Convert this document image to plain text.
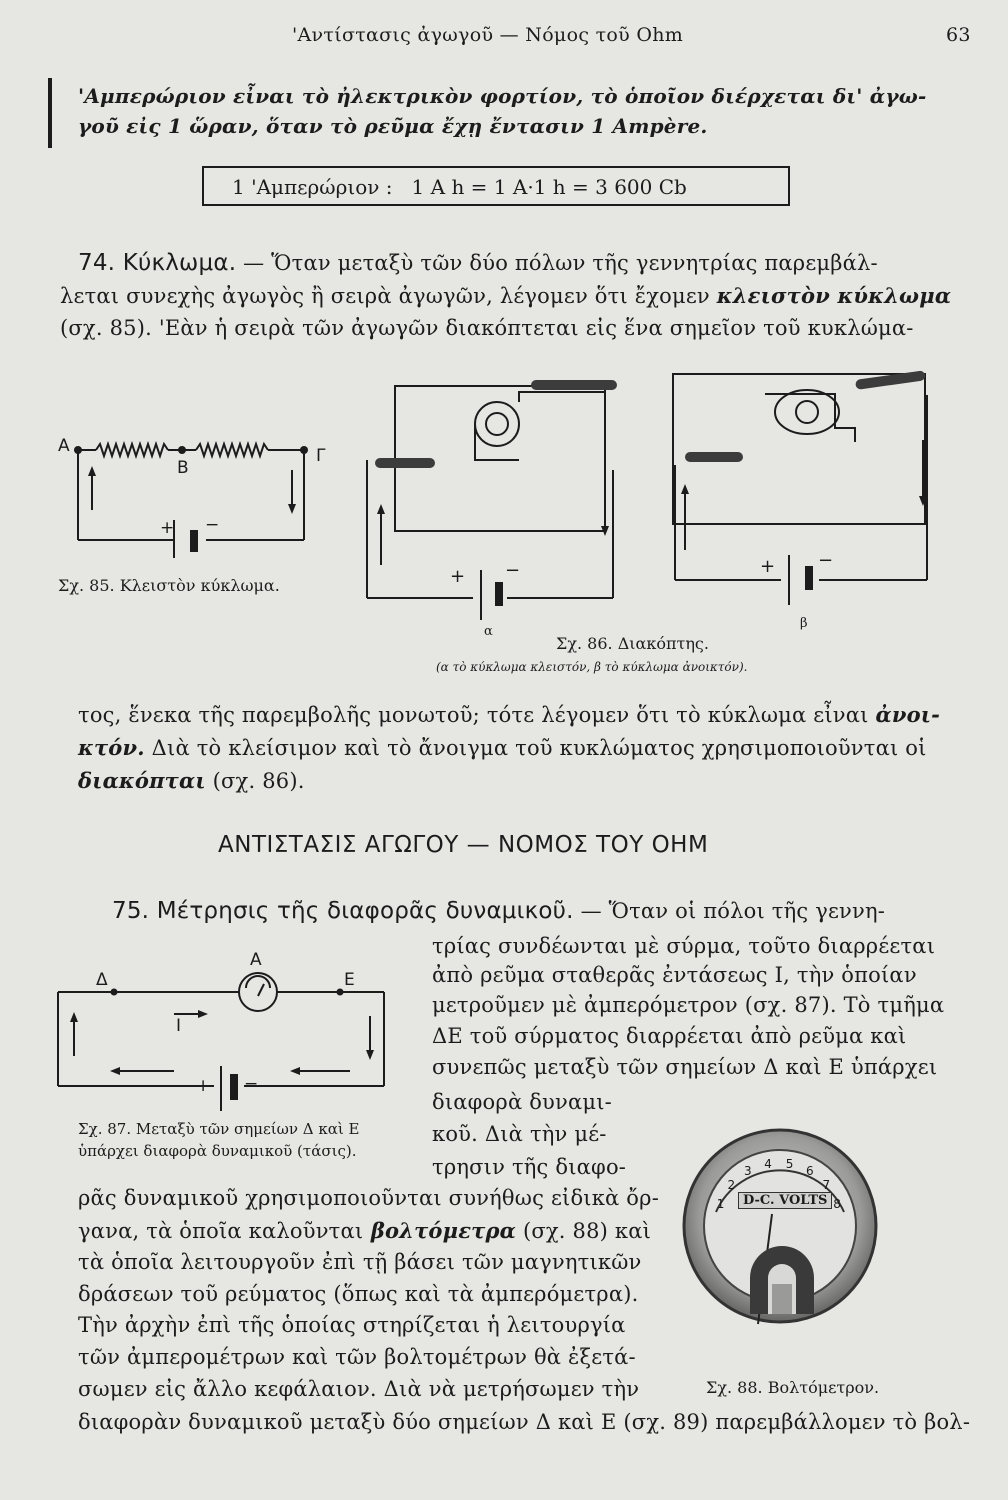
'Αντίστασις ἀγωγοῦ — Νόμος τοῦ Ohm	63
'Αμπερώριον εἶναι τὸ ἠλεκτρικὸν φορτίον, τὸ ὁποῖον διέρχεται δι' ἀγω-
γοῦ εἰς 1 ὥραν, ὅταν τὸ ρεῦμα ἔχῃ ἔντασιν 1 Ampère.
1 'Αμπερώριον :   1 A h = 1 A·1 h = 3 600 Cb
74. Κύκλωμα. — Ὅταν μεταξὺ τῶν δύο πόλων τῆς γεννητρίας παρεμβάλ-
λεται συνεχὴς ἀγωγὸς ἢ σειρὰ ἀγωγῶν, λέγομεν ὅτι ἔχομεν κλειστὸν κύκλωμα
(σχ. 85). 'Εὰν ἡ σειρὰ τῶν ἀγωγῶν διακόπτεται εἰς ἕνα σημεῖον τοῦ κυκλώμα-
A
B
Γ
+ −
Σχ. 85. Κλειστὸν κύκλωμα.	+ −	+ −
α
β
Σχ. 86. Διακόπτης.
(α τὸ κύκλωμα κλειστόν, β τὸ κύκλωμα ἀνοικτόν).
τος, ἕνεκα τῆς παρεμβολῆς μονωτοῦ; τότε λέγομεν ὅτι τὸ κύκλωμα εἶναι ἀνοι-
κτόν. Διὰ τὸ κλείσιμον καὶ τὸ ἄνοιγμα τοῦ κυκλώματος χρησιμοποιοῦνται οἱ
διακόπται (σχ. 86).
ΑΝΤΙΣΤΑΣΙΣ ΑΓΩΓΟΥ — ΝΟΜΟΣ ΤΟΥ ΟΗΜ
75. Μέτρησις τῆς διαφορᾶς δυναμικοῦ. — Ὅταν οἱ πόλοι τῆς γεννη-
A
Δ	E
I
+ −
Σχ. 87. Μεταξὺ τῶν σημείων Δ καὶ Ε
ὑπάρχει διαφορὰ δυναμικοῦ (τάσις).
τρίας συνδέωνται μὲ σύρμα, τοῦτο διαρρέεται
ἀπὸ ρεῦμα σταθερᾶς ἐντάσεως I, τὴν ὁποίαν
μετροῦμεν μὲ ἀμπερόμετρον (σχ. 87). Τὸ τμῆμα
ΔΕ τοῦ σύρματος διαρρέεται ἀπὸ ρεῦμα καὶ
συνεπῶς μεταξὺ τῶν σημείων Δ καὶ Ε ὑπάρχει
διαφορὰ δυναμι-
κοῦ. Διὰ τὴν μέ-
τρησιν τῆς διαφο-
D-C. VOLTS
1
2
3
4 5
6
7
8
Σχ. 88. Βολτόμετρον.
ρᾶς δυναμικοῦ χρησιμοποιοῦνται συνήθως εἰδικὰ ὄρ-
γανα, τὰ ὁποῖα καλοῦνται βολτόμετρα (σχ. 88) καὶ
τὰ ὁποῖα λειτουργοῦν ἐπὶ τῇ βάσει τῶν μαγνητικῶν
δράσεων τοῦ ρεύματος (ὅπως καὶ τὰ ἀμπερόμετρα).
Τὴν ἀρχὴν ἐπὶ τῆς ὁποίας στηρίζεται ἡ λειτουργία
τῶν ἀμπερομέτρων καὶ τῶν βολτομέτρων θὰ ἐξετά-
σωμεν εἰς ἄλλο κεφάλαιον. Διὰ νὰ μετρήσωμεν τὴν
διαφορὰν δυναμικοῦ μεταξὺ δύο σημείων Δ καὶ Ε (σχ. 89) παρεμβάλλομεν τὸ βολ-
